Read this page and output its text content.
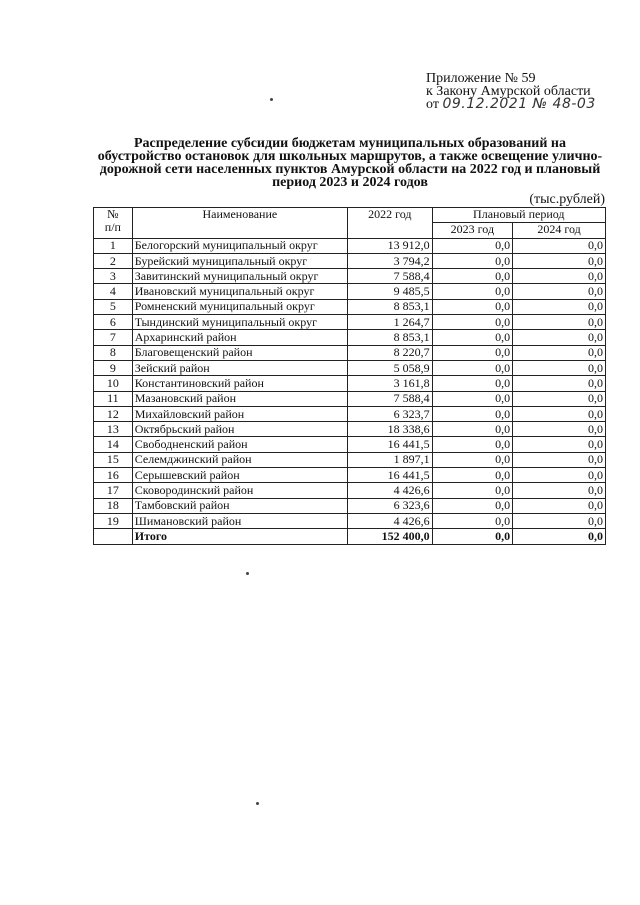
Приложение № 59
к Закону Амурской области
от 09.12.2021 № 48-03
Распределение субсидии бюджетам муниципальных образований на обустройство остановок для школьных маршрутов, а также освещение улично-дорожной сети населенных пунктов Амурской области на 2022 год и плановый период 2023 и 2024 годов
(тыс.рублей)
№
п/п	Наименование	2022 год	Плановый период	
			2023 год	2024 год
1	Белогорский муниципальный округ	13 912,0	0,0	0,0
2	Бурейский муниципальный округ	3 794,2	0,0	0,0
3	Завитинский муниципальный округ	7 588,4	0,0	0,0
4	Ивановский муниципальный округ	9 485,5	0,0	0,0
5	Ромненский муниципальный округ	8 853,1	0,0	0,0
6	Тындинский муниципальный округ	1 264,7	0,0	0,0
7	Архаринский район	8 853,1	0,0	0,0
8	Благовещенский район	8 220,7	0,0	0,0
9	Зейский район	5 058,9	0,0	0,0
10	Константиновский район	3 161,8	0,0	0,0
11	Мазановский район	7 588,4	0,0	0,0
12	Михайловский район	6 323,7	0,0	0,0
13	Октябрьский район	18 338,6	0,0	0,0
14	Свободненский район	16 441,5	0,0	0,0
15	Селемджинский район	1 897,1	0,0	0,0
16	Серышевский район	16 441,5	0,0	0,0
17	Сковородинский район	4 426,6	0,0	0,0
18	Тамбовский район	6 323,6	0,0	0,0
19	Шимановский район	4 426,6	0,0	0,0
	Итого	152 400,0	0,0	0,0
